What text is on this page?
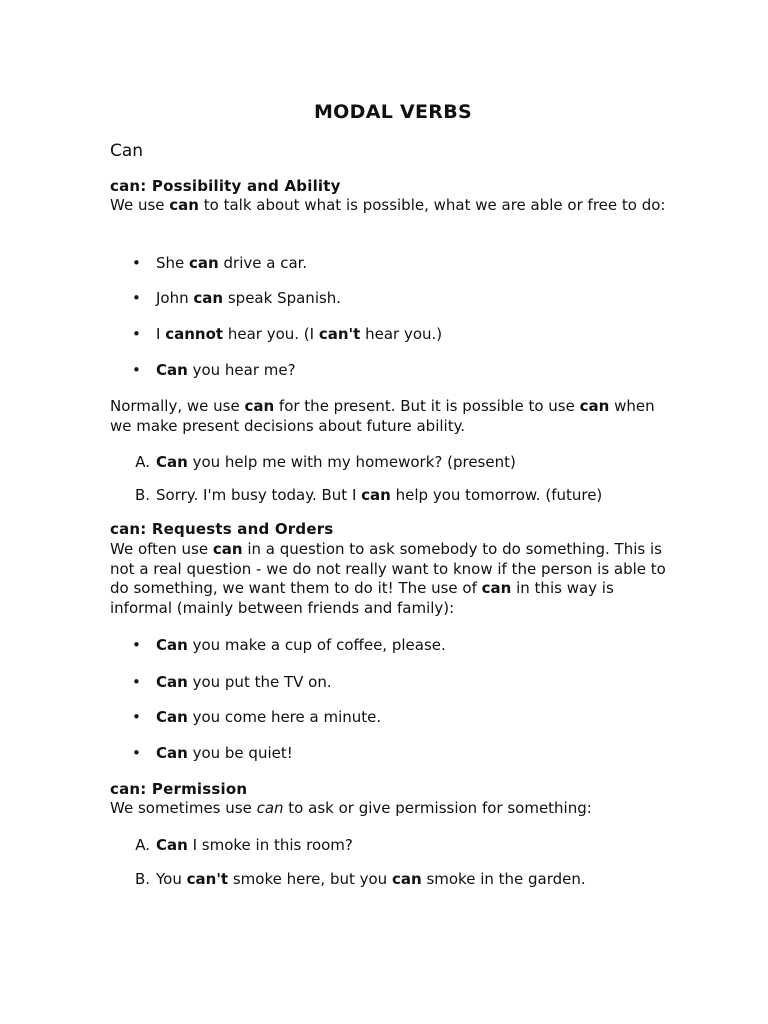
MODAL VERBS
Can
can: Possibility and Ability
We use can to talk about what is possible, what we are able or free to do:
• She can drive a car.
• John can speak Spanish.
• I cannot hear you. (I can't hear you.)
• Can you hear me?
Normally, we use can for the present. But it is possible to use can when we make present decisions about future ability.
A. Can you help me with my homework? (present)
B. Sorry. I'm busy today. But I can help you tomorrow. (future)
can: Requests and Orders
We often use can in a question to ask somebody to do something. This is not a real question - we do not really want to know if the person is able to do something, we want them to do it! The use of can in this way is informal (mainly between friends and family):
• Can you make a cup of coffee, please.
• Can you put the TV on.
• Can you come here a minute.
• Can you be quiet!
can: Permission
We sometimes use can to ask or give permission for something:
A. Can I smoke in this room?
B. You can't smoke here, but you can smoke in the garden.
